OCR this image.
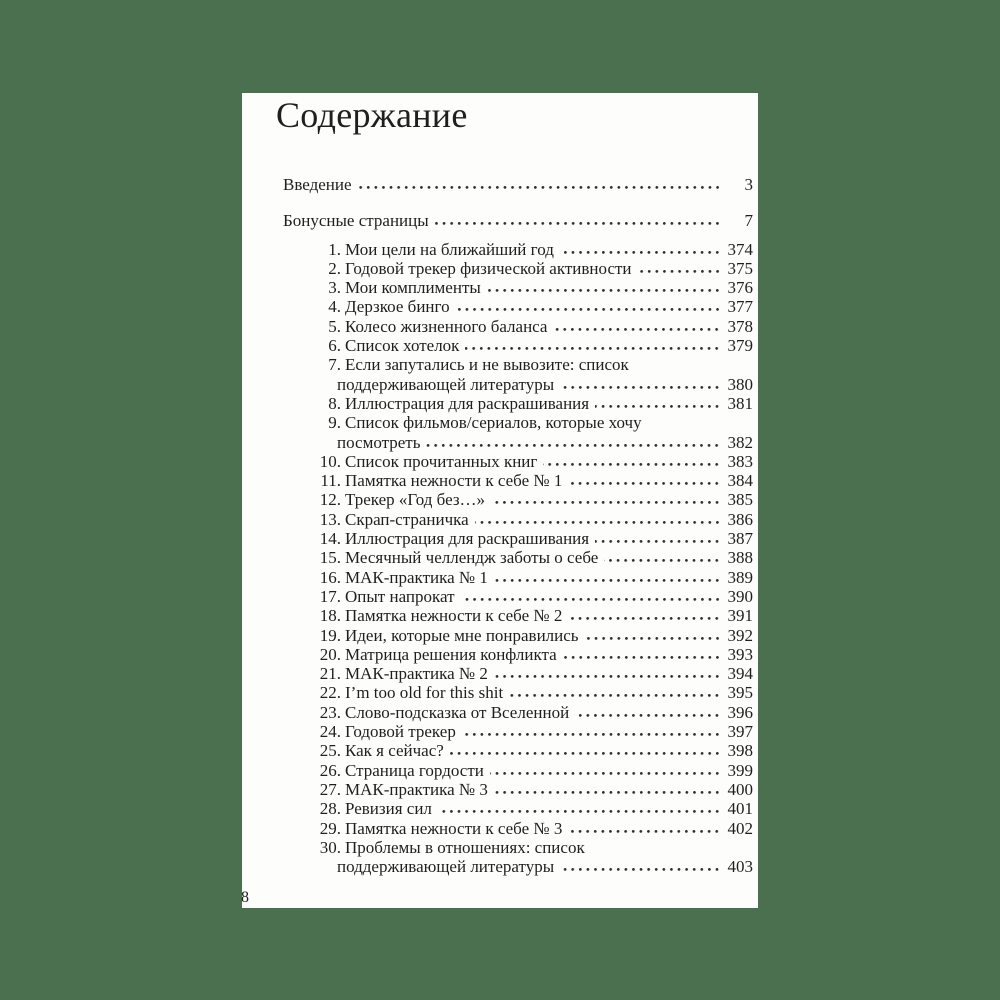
Содержание
Введение	3
Бонусные страницы	7
1. Мои цели на ближайший год	374
2. Годовой трекер физической активности	375
3. Мои комплименты	376
4. Дерзкое бинго	377
5. Колесо жизненного баланса	378
6. Список хотелок	379
7. Если запутались и не вывозите: список
поддерживающей литературы	380
8. Иллюстрация для раскрашивания	381
9. Список фильмов/сериалов, которые хочу
посмотреть	382
10. Список прочитанных книг	383
11. Памятка нежности к себе № 1	384
12. Трекер «Год без…»	385
13. Скрап-страничка	386
14. Иллюстрация для раскрашивания	387
15. Месячный челлендж заботы о себе	388
16. МАК-практика № 1	389
17. Опыт напрокат	390
18. Памятка нежности к себе № 2	391
19. Идеи, которые мне понравились	392
20. Матрица решения конфликта	393
21. МАК-практика № 2	394
22. I’m too old for this shit	395
23. Слово-подсказка от Вселенной	396
24. Годовой трекер	397
25. Как я сейчас?	398
26. Страница гордости	399
27. МАК-практика № 3	400
28. Ревизия сил	401
29. Памятка нежности к себе № 3	402
30. Проблемы в отношениях: список
поддерживающей литературы	403
8
